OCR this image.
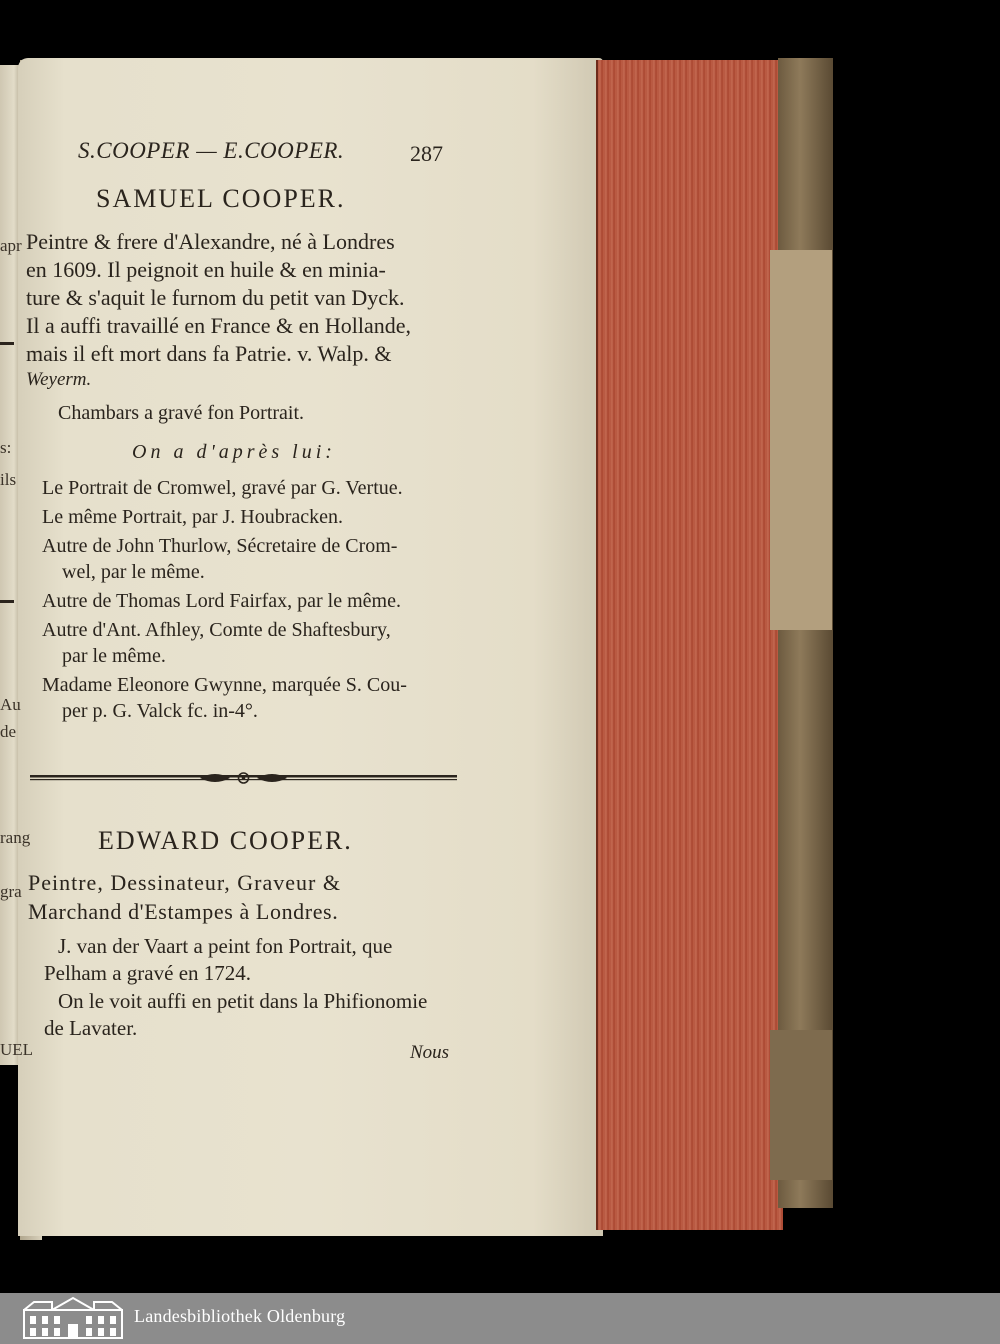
apr
s:
ils
Au
de
rang
gra
UEL
S.COOPER — E.COOPER.	287
SAMUEL COOPER.
Peintre & frere d'Alexandre, né à Londres
en 1609. Il peignoit en huile & en minia-
ture & s'aquit le furnom du petit van Dyck.
Il a auffi travaillé en France & en Hollande,
mais il eft mort dans fa Patrie. v. Walp. &
Weyerm.
Chambars a gravé fon Portrait.
On a d'après lui:
Le Portrait de Cromwel, gravé par G. Vertue.
Le même Portrait, par J. Houbracken.
Autre de John Thurlow, Sécretaire de Crom-
wel, par le même.
Autre de Thomas Lord Fairfax, par le même.
Autre d'Ant. Afhley, Comte de Shaftesbury,
par le même.
Madame Eleonore Gwynne, marquée S. Cou-
per p. G. Valck fc. in-4°.
EDWARD COOPER.
Peintre, Dessinateur, Graveur &
Marchand d'Estampes à Londres.
J. van der Vaart a peint fon Portrait, que
Pelham a gravé en 1724.
On le voit auffi en petit dans la Phifionomie
de Lavater.
Nous
Landesbibliothek Oldenburg
